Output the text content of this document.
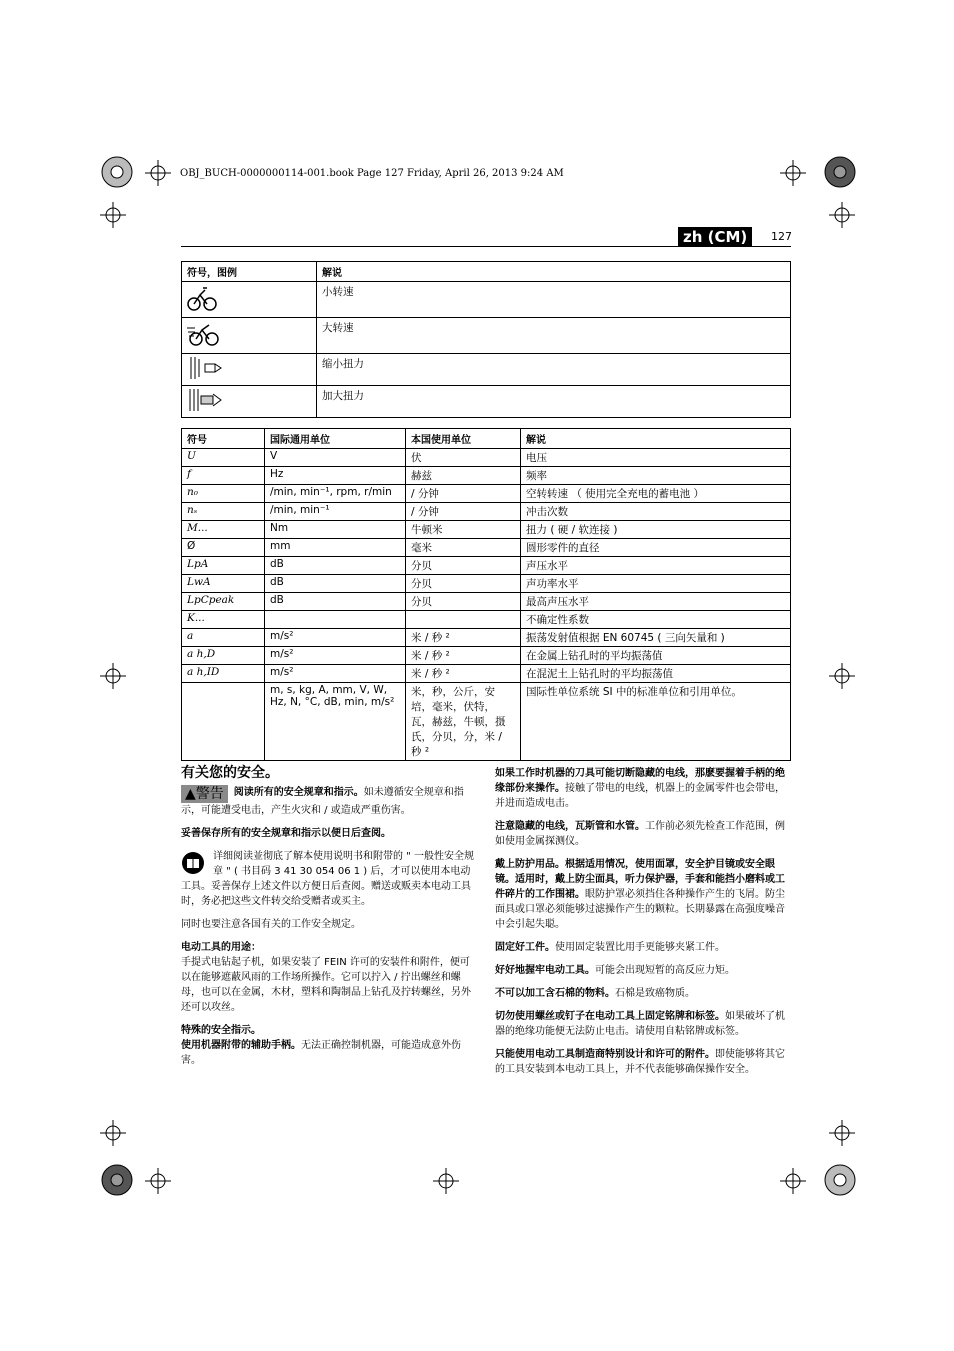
OBJ_BUCH-0000000114-001.book Page 127 Friday, April 26, 2013 9:24 AM
zh (CM)	127
符号，图例	解说
	小转速
	大转速
	缩小扭力
	加大扭力
符号	国际通用单位	本国使用单位	解说
U	V	伏	电压
f	Hz	赫兹	频率
n₀	/min, min⁻¹, rpm, r/min	/ 分钟	空转转速 （ 使用完全充电的蓄电池 ）
nₛ	/min, min⁻¹	/ 分钟	冲击次数
M...	Nm	牛顿米	扭力 ( 硬 / 软连接 )
Ø	mm	毫米	圆形零件的直径
LpA	dB	分贝	声压水平
LwA	dB	分贝	声功率水平
LpCpeak	dB	分贝	最高声压水平
K...			不确定性系数
a	m/s²	米 / 秒 ²	振荡发射值根据 EN 60745 ( 三向矢量和 )
a h,D	m/s²	米 / 秒 ²	在金属上钻孔时的平均振荡值
a h,ID	m/s²	米 / 秒 ²	在混泥土上钻孔时的平均振荡值
	m, s, kg, A, mm, V, W, Hz, N, °C, dB, min, m/s²	米，秒，公斤，安培，毫米，伏特，瓦，赫兹，牛顿，摄氏，分贝，分，米 / 秒 ²	国际性单位系统 SI 中的标准单位和引用单位。
有关您的安全。

▲警告 阅读所有的安全规章和指示。如未遵循安全规章和指示，可能遭受电击，产生火灾和 / 或造成严重伤害。

妥善保存所有的安全规章和指示以便日后查阅。

详细阅读並彻底了解本使用说明书和附带的 " 一般性安全规章 " ( 书目码 3 41 30 054 06 1 ) 后，才可以使用本电动工具。妥善保存上述文件以方便日后查阅。赠送或贩卖本电动工具时，务必把这些文件转交给受赠者或买主。

同时也要注意各国有关的工作安全规定。

电动工具的用途：

手提式电钻起子机，如果安装了 FEIN 许可的安装件和附件，便可以在能够遮蔽风雨的工作场所操作。它可以拧入 / 拧出螺丝和螺母，也可以在金属，木材，塑料和陶制品上钻孔及拧转螺丝，另外还可以攻丝。

特殊的安全指示。

使用机器附带的辅助手柄。无法正确控制机器，可能造成意外伤害。

如果工作时机器的刀具可能切断隐藏的电线，那麽要握着手柄的绝缘部份来操作。接触了带电的电线，机器上的金属零件也会带电，并进而造成电击。

注意隐藏的电线，瓦斯管和水管。工作前必须先检查工作范围，例如使用金属探测仪。

戴上防护用品。根据适用情况，使用面罩，安全护目镜或安全眼镜。适用时，戴上防尘面具，听力保护器，手套和能挡小磨料或工件碎片的工作围裙。眼防护罩必须挡住各种操作产生的飞屑。防尘面具或口罩必须能够过滤操作产生的颗粒。长期暴露在高强度噪音中会引起失聪。

固定好工件。使用固定装置比用手更能够夹紧工件。

好好地握牢电动工具。可能会出现短暂的高反应力矩。

不可以加工含石棉的物料。石棉是致癌物质。

切勿使用螺丝或钉子在电动工具上固定铭牌和标签。如果破坏了机器的绝缘功能便无法防止电击。请使用自粘铭牌或标签。

只能使用电动工具制造商特别设计和许可的附件。即使能够将其它的工具安装到本电动工具上，并不代表能够确保操作安全。
